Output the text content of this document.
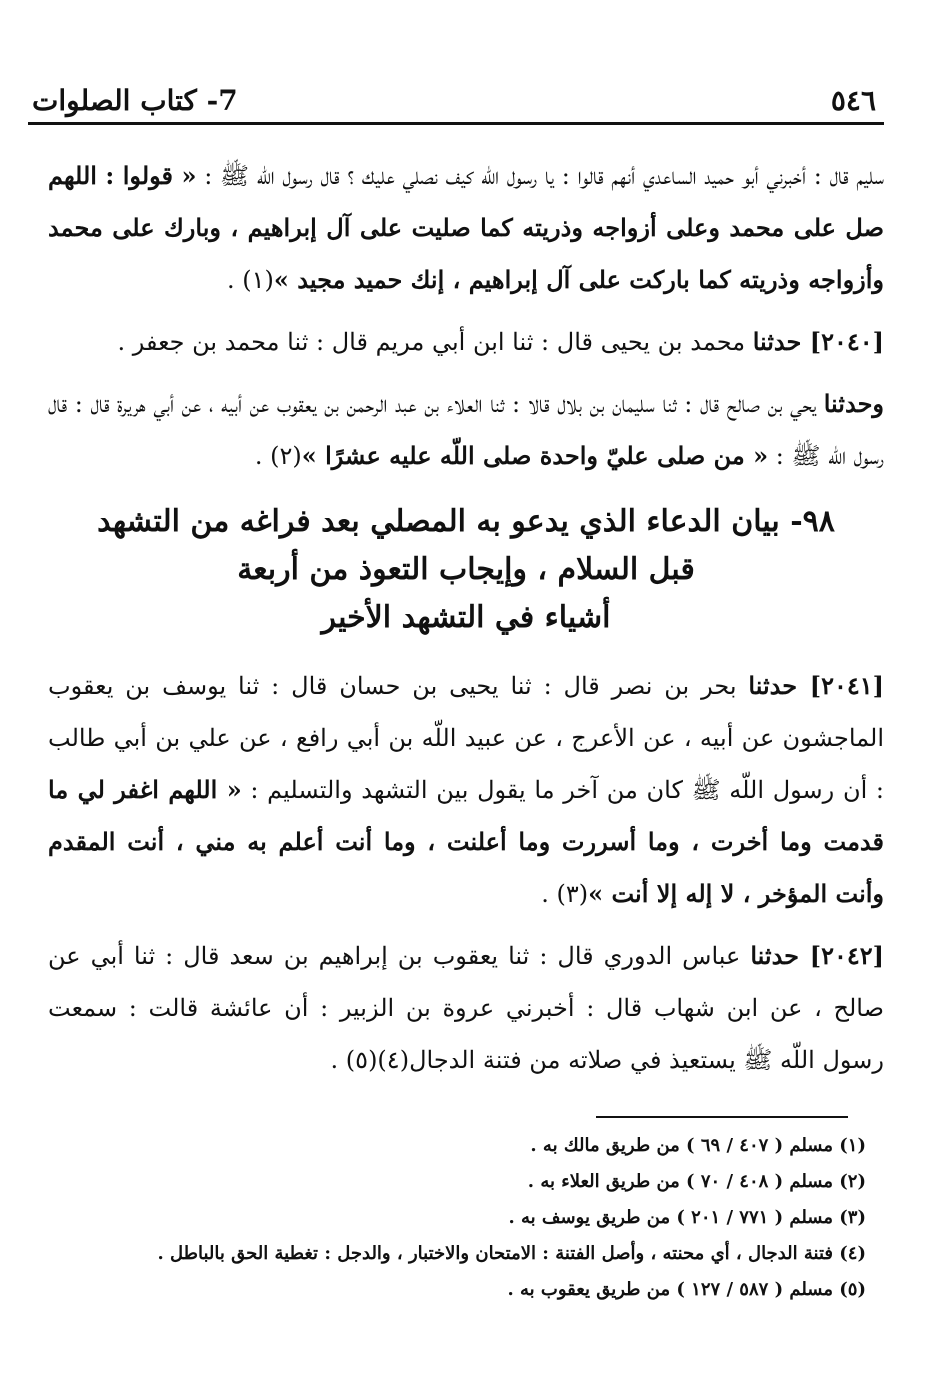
٥٤٦
7- كتاب الصلوات

سليم قال : أخبرني أبو حميد الساعدي أنهم قالوا : يا رسول اللّه كيف نصلي عليك ؟ قال رسول اللّه ﷺ : « قولوا : اللهم صل على محمد وعلى أزواجه وذريته كما صليت على آل إبراهيم ، وبارك على محمد وأزواجه وذريته كما باركت على آل إبراهيم ، إنك حميد مجيد »(١) .

[٢٠٤٠] حدثنا محمد بن يحيى قال : ثنا ابن أبي مريم قال : ثنا محمد بن جعفر .

وحدثنا يحي بن صالح قال : ثنا سليمان بن بلال قالا : ثنا العلاء بن عبد الرحمن بن يعقوب عن أبيه ، عن أبي هريرة قال : قال رسول اللّه ﷺ : « من صلى عليّ واحدة صلى اللّه عليه عشرًا »(٢) .

٩٨- بيان الدعاء الذي يدعو به المصلي بعد فراغه من التشهد

قبل السلام ، وإيجاب التعوذ من أربعة

أشياء في التشهد الأخير

[٢٠٤١] حدثنا بحر بن نصر قال : ثنا يحيى بن حسان قال : ثنا يوسف بن يعقوب الماجشون عن أبيه ، عن الأعرج ، عن عبيد اللّه بن أبي رافع ، عن علي بن أبي طالب : أن رسول اللّه ﷺ كان من آخر ما يقول بين التشهد والتسليم : « اللهم اغفر لي ما قدمت وما أخرت ، وما أسررت وما أعلنت ، وما أنت أعلم به مني ، أنت المقدم وأنت المؤخر ، لا إله إلا أنت »(٣) .

[٢٠٤٢] حدثنا عباس الدوري قال : ثنا يعقوب بن إبراهيم بن سعد قال : ثنا أبي عن صالح ، عن ابن شهاب قال : أخبرني عروة بن الزبير : أن عائشة قالت : سمعت رسول اللّه ﷺ يستعيذ في صلاته من فتنة الدجال(٤)(٥) .

(١) مسلم ( ٤٠٧ / ٦٩ ) من طريق مالك به .

(٢) مسلم ( ٤٠٨ / ٧٠ ) من طريق العلاء به .

(٣) مسلم ( ٧٧١ / ٢٠١ ) من طريق يوسف به .

(٤) فتنة الدجال ، أي محنته ، وأصل الفتنة : الامتحان والاختبار ، والدجل : تغطية الحق بالباطل .

(٥) مسلم ( ٥٨٧ / ١٢٧ ) من طريق يعقوب به .
